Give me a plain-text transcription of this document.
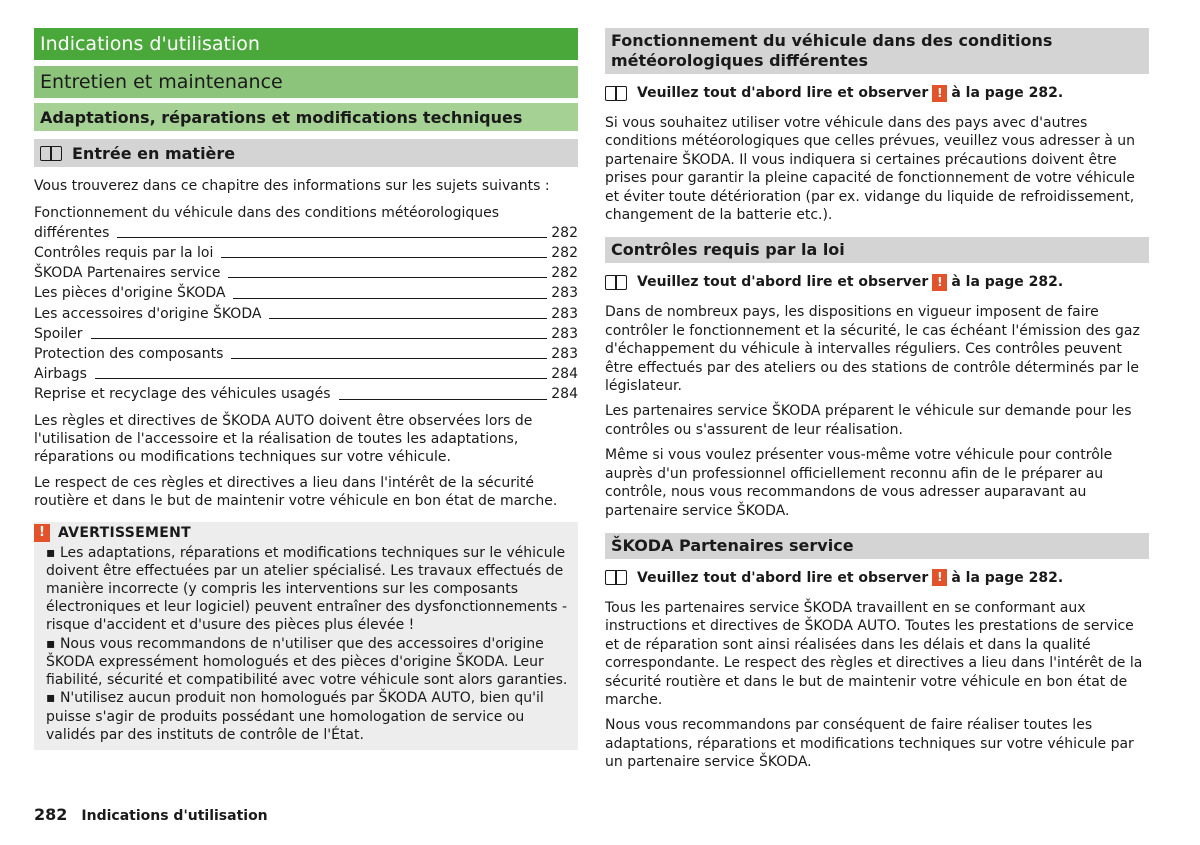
Indications d'utilisation
Entretien et maintenance
Adaptations, réparations et modifications techniques
Entrée en matière

Vous trouverez dans ce chapitre des informations sur les sujets suivants :

Fonctionnement du véhicule dans des conditions météorologiques

différentes	282
Contrôles requis par la loi	282
ŠKODA Partenaires service	282
Les pièces d'origine ŠKODA	283
Les accessoires d'origine ŠKODA	283
Spoiler	283
Protection des composants	283
Airbags	284
Reprise et recyclage des véhicules usagés	284

Les règles et directives de ŠKODA AUTO doivent être observées lors de l'utilisation de l'accessoire et la réalisation de toutes les adaptations, réparations ou modifications techniques sur votre véhicule.

Le respect de ces règles et directives a lieu dans l'intérêt de la sécurité routière et dans le but de maintenir votre véhicule en bon état de marche.

! AVERTISSEMENT

▪ Les adaptations, réparations et modifications techniques sur le véhicule doivent être effectuées par un atelier spécialisé. Les travaux effectués de manière incorrecte (y compris les interventions sur les composants électroniques et leur logiciel) peuvent entraîner des dysfonctionnements - risque d'accident et d'usure des pièces plus élevée !

▪ Nous vous recommandons de n'utiliser que des accessoires d'origine ŠKODA expressément homologués et des pièces d'origine ŠKODA. Leur fiabilité, sécurité et compatibilité avec votre véhicule sont alors garanties.

▪ N'utilisez aucun produit non homologués par ŠKODA AUTO, bien qu'il puisse s'agir de produits possédant une homologation de service ou validés par des instituts de contrôle de l'État.

Fonctionnement du véhicule dans des conditions météorologiques différentes
Veuillez tout d'abord lire et observer ! à la page 282.

Si vous souhaitez utiliser votre véhicule dans des pays avec d'autres conditions météorologiques que celles prévues, veuillez vous adresser à un partenaire ŠKODA. Il vous indiquera si certaines précautions doivent être prises pour garantir la pleine capacité de fonctionnement de votre véhicule et éviter toute détérioration (par ex. vidange du liquide de refroidissement, changement de la batterie etc.).

Contrôles requis par la loi
Veuillez tout d'abord lire et observer ! à la page 282.

Dans de nombreux pays, les dispositions en vigueur imposent de faire contrôler le fonctionnement et la sécurité, le cas échéant l'émission des gaz d'échappement du véhicule à intervalles réguliers. Ces contrôles peuvent être effectués par des ateliers ou des stations de contrôle déterminés par le législateur.

Les partenaires service ŠKODA préparent le véhicule sur demande pour les contrôles ou s'assurent de leur réalisation.

Même si vous voulez présenter vous-même votre véhicule pour contrôle auprès d'un professionnel officiellement reconnu afin de le préparer au contrôle, nous vous recommandons de vous adresser auparavant au partenaire service ŠKODA.

ŠKODA Partenaires service
Veuillez tout d'abord lire et observer ! à la page 282.

Tous les partenaires service ŠKODA travaillent en se conformant aux instructions et directives de ŠKODA AUTO. Toutes les prestations de service et de réparation sont ainsi réalisées dans les délais et dans la qualité correspondante. Le respect des règles et directives a lieu dans l'intérêt de la sécurité routière et dans le but de maintenir votre véhicule en bon état de marche.

Nous vous recommandons par conséquent de faire réaliser toutes les adaptations, réparations et modifications techniques sur votre véhicule par un partenaire service ŠKODA.

282 Indications d'utilisation
